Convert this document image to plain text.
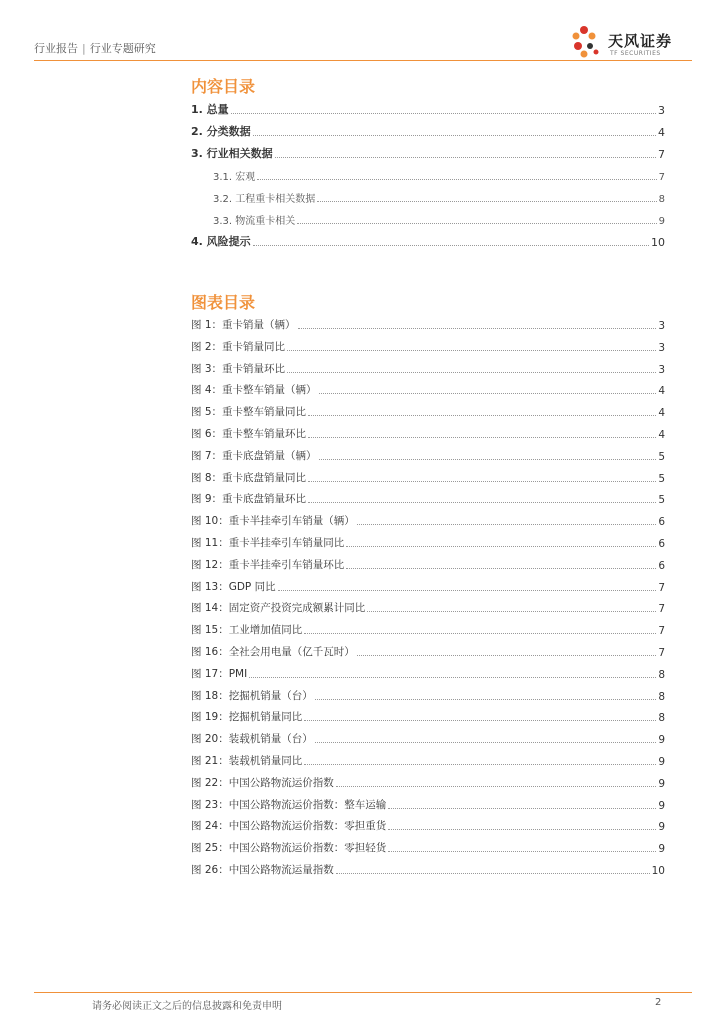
行业报告 | 行业专题研究	天风证券
TF SECURITIES
内容目录
1. 总量	3
2. 分类数据	4
3. 行业相关数据	7
3.1. 宏观	7
3.2. 工程重卡相关数据	8
3.3. 物流重卡相关	9
4. 风险提示	10
图表目录
图 1：重卡销量（辆）	3
图 2：重卡销量同比	3
图 3：重卡销量环比	3
图 4：重卡整车销量（辆）	4
图 5：重卡整车销量同比	4
图 6：重卡整车销量环比	4
图 7：重卡底盘销量（辆）	5
图 8：重卡底盘销量同比	5
图 9：重卡底盘销量环比	5
图 10：重卡半挂牵引车销量（辆）	6
图 11：重卡半挂牵引车销量同比	6
图 12：重卡半挂牵引车销量环比	6
图 13：GDP 同比	7
图 14：固定资产投资完成额累计同比	7
图 15：工业增加值同比	7
图 16：全社会用电量（亿千瓦时）	7
图 17：PMI	8
图 18：挖掘机销量（台）	8
图 19：挖掘机销量同比	8
图 20：装载机销量（台）	9
图 21：装载机销量同比	9
图 22：中国公路物流运价指数	9
图 23：中国公路物流运价指数：整车运输	9
图 24：中国公路物流运价指数：零担重货	9
图 25：中国公路物流运价指数：零担轻货	9
图 26：中国公路物流运量指数	10
请务必阅读正文之后的信息披露和免责申明	2
